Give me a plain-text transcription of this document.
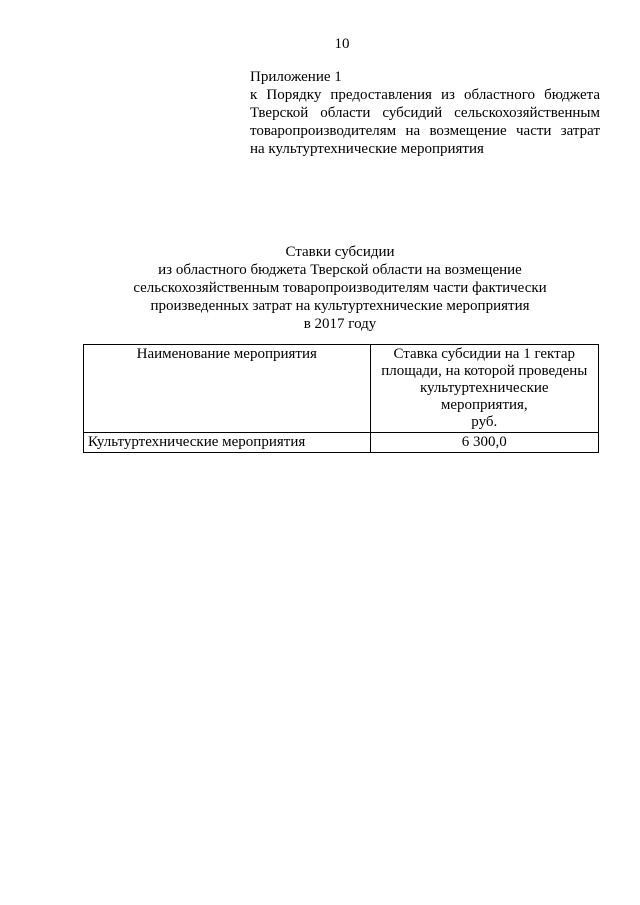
10
Приложение 1
к Порядку предоставления из областного бюджета
Тверской области субсидий сельскохозяйственным
товаропроизводителям на возмещение части затрат
на культуртехнические мероприятия
Ставки субсидии
из областного бюджета Тверской области на возмещение
сельскохозяйственным товаропроизводителям части фактически
произведенных затрат на культуртехнические мероприятия
в 2017 году
Наименование мероприятия	Ставка субсидии на 1 гектар
площади, на которой проведены
культуртехнические
мероприятия,
руб.

Культуртехнические мероприятия	6 300,0
